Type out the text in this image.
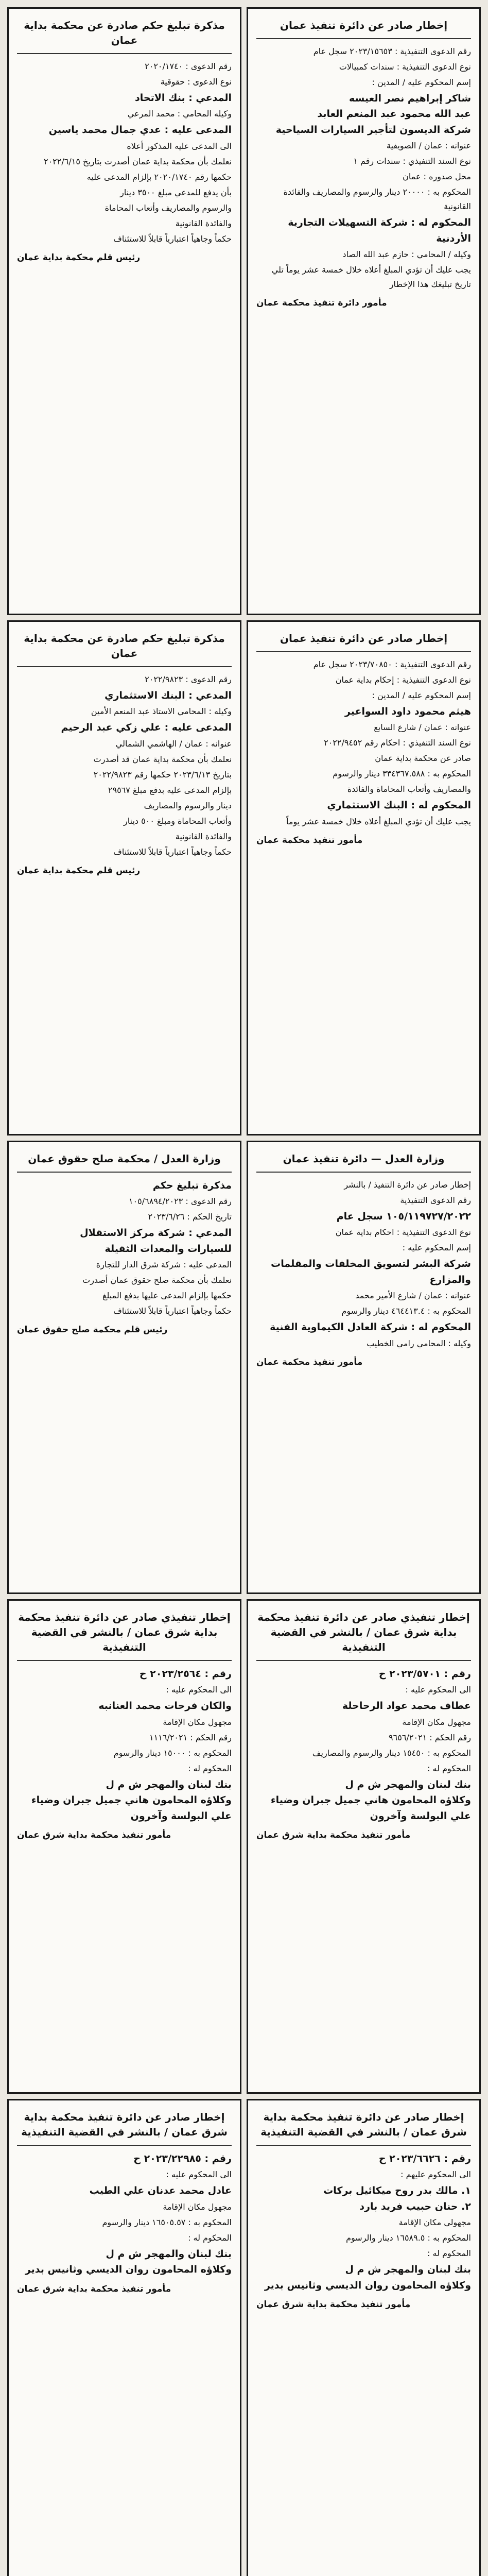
إخطار صادر عن دائرة تنفيذ عمان
رقم الدعوى التنفيذية : ٢٠٢٣/١٥٦٥٣ سجل عام
نوع الدعوى التنفيذية : سندات كمبيالات
إسم المحكوم عليه / المدين :
شاكر إبراهيم نصر العيسه
عبد الله محمود عبد المنعم العابد
شركة الديسون لتأجير السيارات السياحية
عنوانه : عمان / الصويفية
نوع السند التنفيذي : سندات رقم ١
محل صدوره : عمان
المحكوم به : ٢٠٠٠٠ دينار والرسوم والمصاريف والفائدة القانونية
المحكوم له : شركة التسهيلات التجارية الأردنية
وكيله / المحامي : حازم عبد الله الصاد
يجب عليك أن تؤدي المبلغ أعلاه خلال خمسة عشر يوماً تلي تاريخ تبليغك هذا الإخطار
مأمور دائرة تنفيذ محكمة عمان
مذكرة تبليغ حكم صادرة عن محكمة بداية عمان
رقم الدعوى : ٢٠٢٠/١٧٤٠
نوع الدعوى : حقوقية
المدعي : بنك الاتحاد
وكيله المحامي : محمد المرعي
المدعى عليه : عدي جمال محمد ياسين
الى المدعى عليه المذكور أعلاه
نعلمك بأن محكمة بداية عمان أصدرت بتاريخ ٢٠٢٢/٦/١٥
حكمها رقم ٢٠٢٠/١٧٤٠ بإلزام المدعى عليه
بأن يدفع للمدعي مبلغ ٣٥٠٠ دينار
والرسوم والمصاريف وأتعاب المحاماة
والفائدة القانونية
حكماً وجاهياً اعتبارياً قابلاً للاستئناف
رئيس قلم محكمة بداية عمان
إخطار صادر عن دائرة تنفيذ عمان
رقم الدعوى التنفيذية : ٢٠٢٣/٧٠٨٥٠ سجل عام
نوع الدعوى التنفيذية : إحكام بداية عمان
إسم المحكوم عليه / المدين :
هيثم محمود داود السواعير
عنوانه : عمان / شارع السابع
نوع السند التنفيذي : احكام رقم ٢٠٢٢/٩٤٥٢
صادر عن محكمة بداية عمان
المحكوم به : ٣٣٤٣٦٧.٥٨٨ دينار والرسوم
والمصاريف وأتعاب المحاماة والفائدة
المحكوم له : البنك الاستثماري
يجب عليك أن تؤدي المبلغ أعلاه خلال خمسة عشر يوماً
مأمور تنفيذ محكمة عمان
مذكرة تبليغ حكم صادرة عن محكمة بداية عمان
رقم الدعوى : ٢٠٢٢/٩٨٢٣
المدعي : البنك الاستثماري
وكيله : المحامي الاستاذ عبد المنعم الأمين
المدعى عليه : علي زكي عبد الرحيم
عنوانه : عمان / الهاشمي الشمالي
نعلمك بأن محكمة بداية عمان قد أصدرت
بتاريخ ٢٠٢٣/٦/١٣ حكمها رقم ٢٠٢٢/٩٨٢٣
بإلزام المدعى عليه بدفع مبلغ ٢٩٥٦٧
دينار والرسوم والمصاريف
وأتعاب المحاماة ومبلغ ٥٠٠ دينار
والفائدة القانونية
حكماً وجاهياً اعتبارياً قابلاً للاستئناف
رئيس قلم محكمة بداية عمان
وزارة العدل — دائرة تنفيذ عمان
إخطار صادر عن دائرة التنفيذ / بالنشر
رقم الدعوى التنفيذية
١٠٥/١١٩٧٢٧/٢٠٢٢ سجل عام
نوع الدعوى التنفيذية : احكام بداية عمان
إسم المحكوم عليه :
شركة البشر لتسويق المخلفات والمقلمات والمزارع
عنوانه : عمان / شارع الأمير محمد
المحكوم به : ٤٦٤٤١٣.٤ دينار والرسوم
المحكوم له : شركة العادل الكيماوية الفنية
وكيله : المحامي رامي الخطيب
مأمور تنفيذ محكمة عمان
وزارة العدل / محكمة صلح حقوق عمان
مذكرة تبليغ حكم
رقم الدعوى : ١٠٥/٦٨٩٤/٢٠٢٣
تاريخ الحكم : ٢٠٢٣/٦/٢٦
المدعي : شركة مركز الاستقلال
للسيارات والمعدات الثقيلة
المدعى عليه : شركة شرق الدار للتجارة
نعلمك بأن محكمة صلح حقوق عمان أصدرت
حكمها بإلزام المدعى عليها بدفع المبلغ
حكماً وجاهياً اعتبارياً قابلاً للاستئناف
رئيس قلم محكمة صلح حقوق عمان
إخطار تنفيذي صادر عن دائرة تنفيذ محكمة بداية شرق عمان / بالنشر في القضية التنفيذية
رقم : ٢٠٢٣/٥٧٠١ ح
الى المحكوم عليه :
عطاف محمد عواد الرحاحلة
مجهول مكان الإقامة
رقم الحكم : ٩٦٥٦/٢٠٢١
المحكوم به : ١٥٤٥٠ دينار والرسوم والمصاريف
المحكوم له :
بنك لبنان والمهجر ش م ل
وكلاؤه المحامون هاني جميل جبران وضياء علي البولسة وآخرون
مأمور تنفيذ محكمة بداية شرق عمان
إخطار تنفيذي صادر عن دائرة تنفيذ محكمة بداية شرق عمان / بالنشر في القضية التنفيذية
رقم : ٢٠٢٣/٢٥٦٤ ح
الى المحكوم عليه :
والكان فرحات محمد العنانبه
مجهول مكان الإقامة
رقم الحكم : ١١١٦/٢٠٢١
المحكوم به : ١٥٠٠٠ دينار والرسوم
المحكوم له :
بنك لبنان والمهجر ش م ل
وكلاؤه المحامون هاني جميل جبران وضياء علي البولسة وآخرون
مأمور تنفيذ محكمة بداية شرق عمان
إخطار صادر عن دائرة تنفيذ محكمة بداية شرق عمان / بالنشر في القضية التنفيذية
رقم : ٢٠٢٣/٦٦٢٦ ح
الى المحكوم عليهم :
١. مالك بدر روح ميكائيل بركات
٢. حنان حبيب فريد بارد
مجهولي مكان الإقامة
المحكوم به : ١٦٥٨٩.٥ دينار والرسوم
المحكوم له :
بنك لبنان والمهجر ش م ل
وكلاؤه المحامون روان الديسي وثانيس بدير
مأمور تنفيذ محكمة بداية شرق عمان
إخطار صادر عن دائرة تنفيذ محكمة بداية شرق عمان / بالنشر في القضية التنفيذية
رقم : ٢٠٢٣/٢٢٩٨٥ ح
الى المحكوم عليه :
عادل محمد عدنان علي الطيب
مجهول مكان الإقامة
المحكوم به : ١٦٥٠٥.٥٧ دينار والرسوم
المحكوم له :
بنك لبنان والمهجر ش م ل
وكلاؤه المحامون روان الديسي وثانيس بدير
مأمور تنفيذ محكمة بداية شرق عمان
